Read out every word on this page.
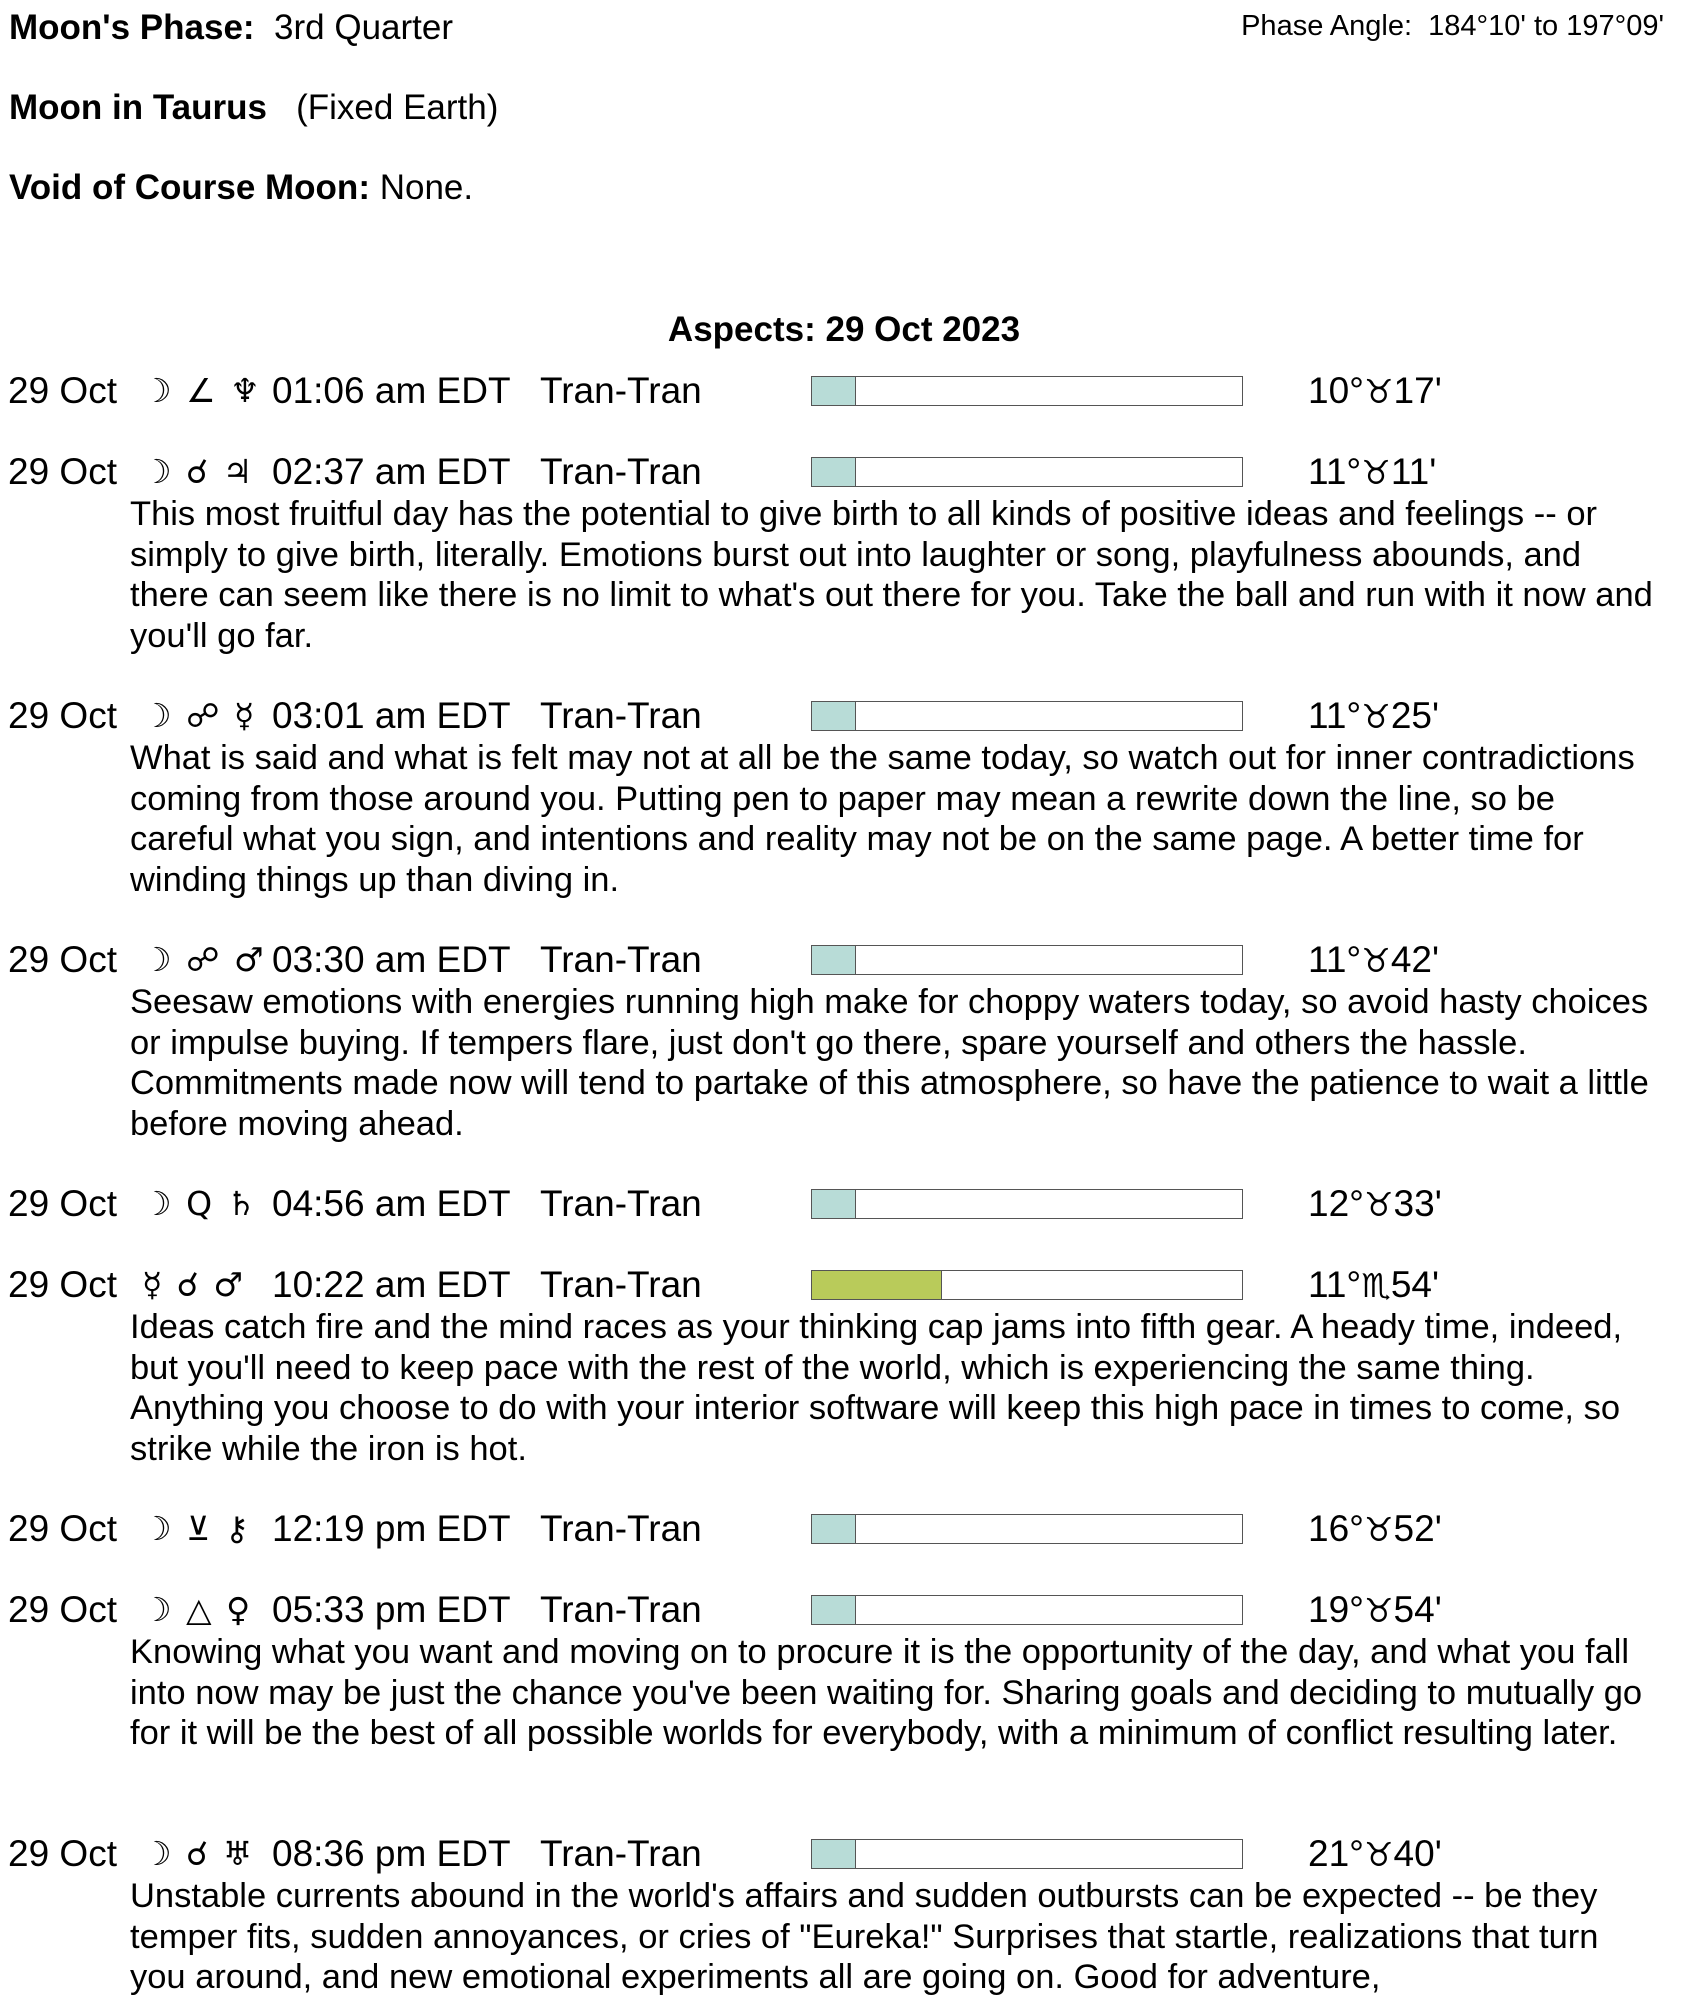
Moon's Phase: 3rd Quarter	Phase Angle: 184°10' to 197°09'
Moon in Taurus (Fixed Earth)
Void of Course Moon: None.
Aspects: 29 Oct 2023
29 Oct ☽ ∠ ♆ 01:06 am EDT Tran-Tran	10°♉17'
29 Oct ☽ ☌ ♃ 02:37 am EDT Tran-Tran	11°♉11'

This most fruitful day has the potential to give birth to all kinds of positive ideas and feelings -- or simply to give birth, literally. Emotions burst out into laughter or song, playfulness abounds, and there can seem like there is no limit to what's out there for you. Take the ball and run with it now and you'll go far.

29 Oct ☽ ☍ ☿ 03:01 am EDT Tran-Tran	11°♉25'

What is said and what is felt may not at all be the same today, so watch out for inner contradictions coming from those around you. Putting pen to paper may mean a rewrite down the line, so be careful what you sign, and intentions and reality may not be on the same page. A better time for winding things up than diving in.

29 Oct ☽ ☍ ♂ 03:30 am EDT Tran-Tran	11°♉42'

Seesaw emotions with energies running high make for choppy waters today, so avoid hasty choices or impulse buying. If tempers flare, just don't go there, spare yourself and others the hassle. Commitments made now will tend to partake of this atmosphere, so have the patience to wait a little before moving ahead.

29 Oct ☽ Q ♄ 04:56 am EDT Tran-Tran	12°♉33'
29 Oct ☿ ☌ ♂ 10:22 am EDT Tran-Tran	11°♏54'

Ideas catch fire and the mind races as your thinking cap jams into fifth gear. A heady time, indeed, but you'll need to keep pace with the rest of the world, which is experiencing the same thing. Anything you choose to do with your interior software will keep this high pace in times to come, so strike while the iron is hot.

29 Oct ☽ ⊻ ⚷ 12:19 pm EDT Tran-Tran	16°♉52'
29 Oct ☽ △ ♀ 05:33 pm EDT Tran-Tran	19°♉54'

Knowing what you want and moving on to procure it is the opportunity of the day, and what you fall into now may be just the chance you've been waiting for. Sharing goals and deciding to mutually go for it will be the best of all possible worlds for everybody, with a minimum of conflict resulting later.

29 Oct ☽ ☌ ♅ 08:36 pm EDT Tran-Tran	21°♉40'

Unstable currents abound in the world's affairs and sudden outbursts can be expected -- be they temper fits, sudden annoyances, or cries of "Eureka!" Surprises that startle, realizations that turn you around, and new emotional experiments all are going on. Good for adventure,
